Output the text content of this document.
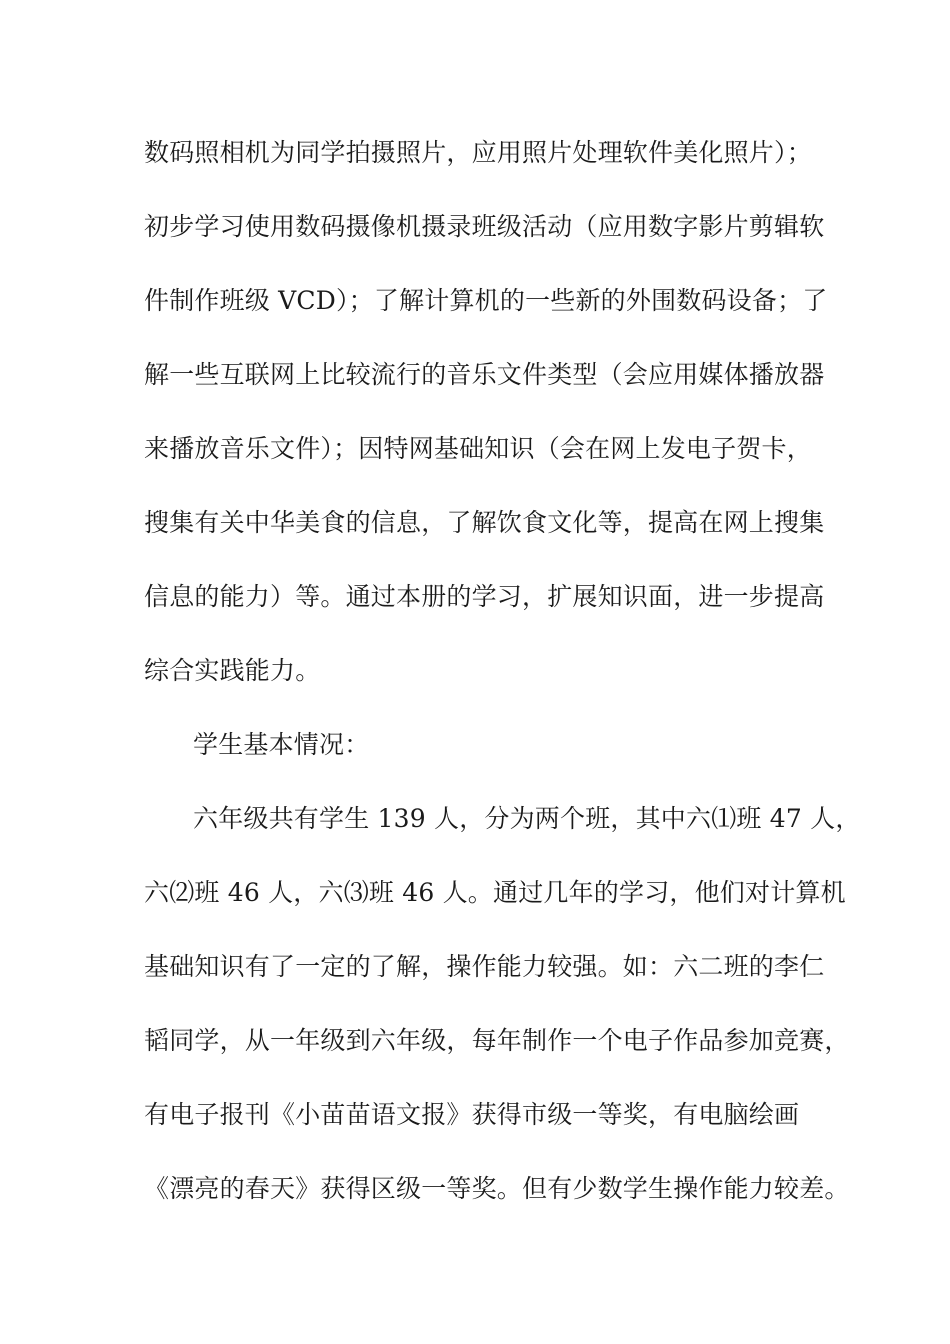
数码照相机为同学拍摄照片，应用照片处理软件美化照片）；
初步学习使用数码摄像机摄录班级活动（应用数字影片剪辑软
件制作班级 VCD）；了解计算机的一些新的外围数码设备；了
解一些互联网上比较流行的音乐文件类型（会应用媒体播放器
来播放音乐文件）；因特网基础知识（会在网上发电子贺卡，
搜集有关中华美食的信息，了解饮食文化等，提高在网上搜集
信息的能力）等。通过本册的学习，扩展知识面，进一步提高
综合实践能力。
学生基本情况：
六年级共有学生 139 人，分为两个班，其中六⑴班 47 人，
六⑵班 46 人，六⑶班 46 人。通过几年的学习，他们对计算机
基础知识有了一定的了解，操作能力较强。如：六二班的李仁
韬同学，从一年级到六年级，每年制作一个电子作品参加竞赛，
有电子报刊《小苗苗语文报》获得市级一等奖，有电脑绘画
《漂亮的春天》获得区级一等奖。但有少数学生操作能力较差。
